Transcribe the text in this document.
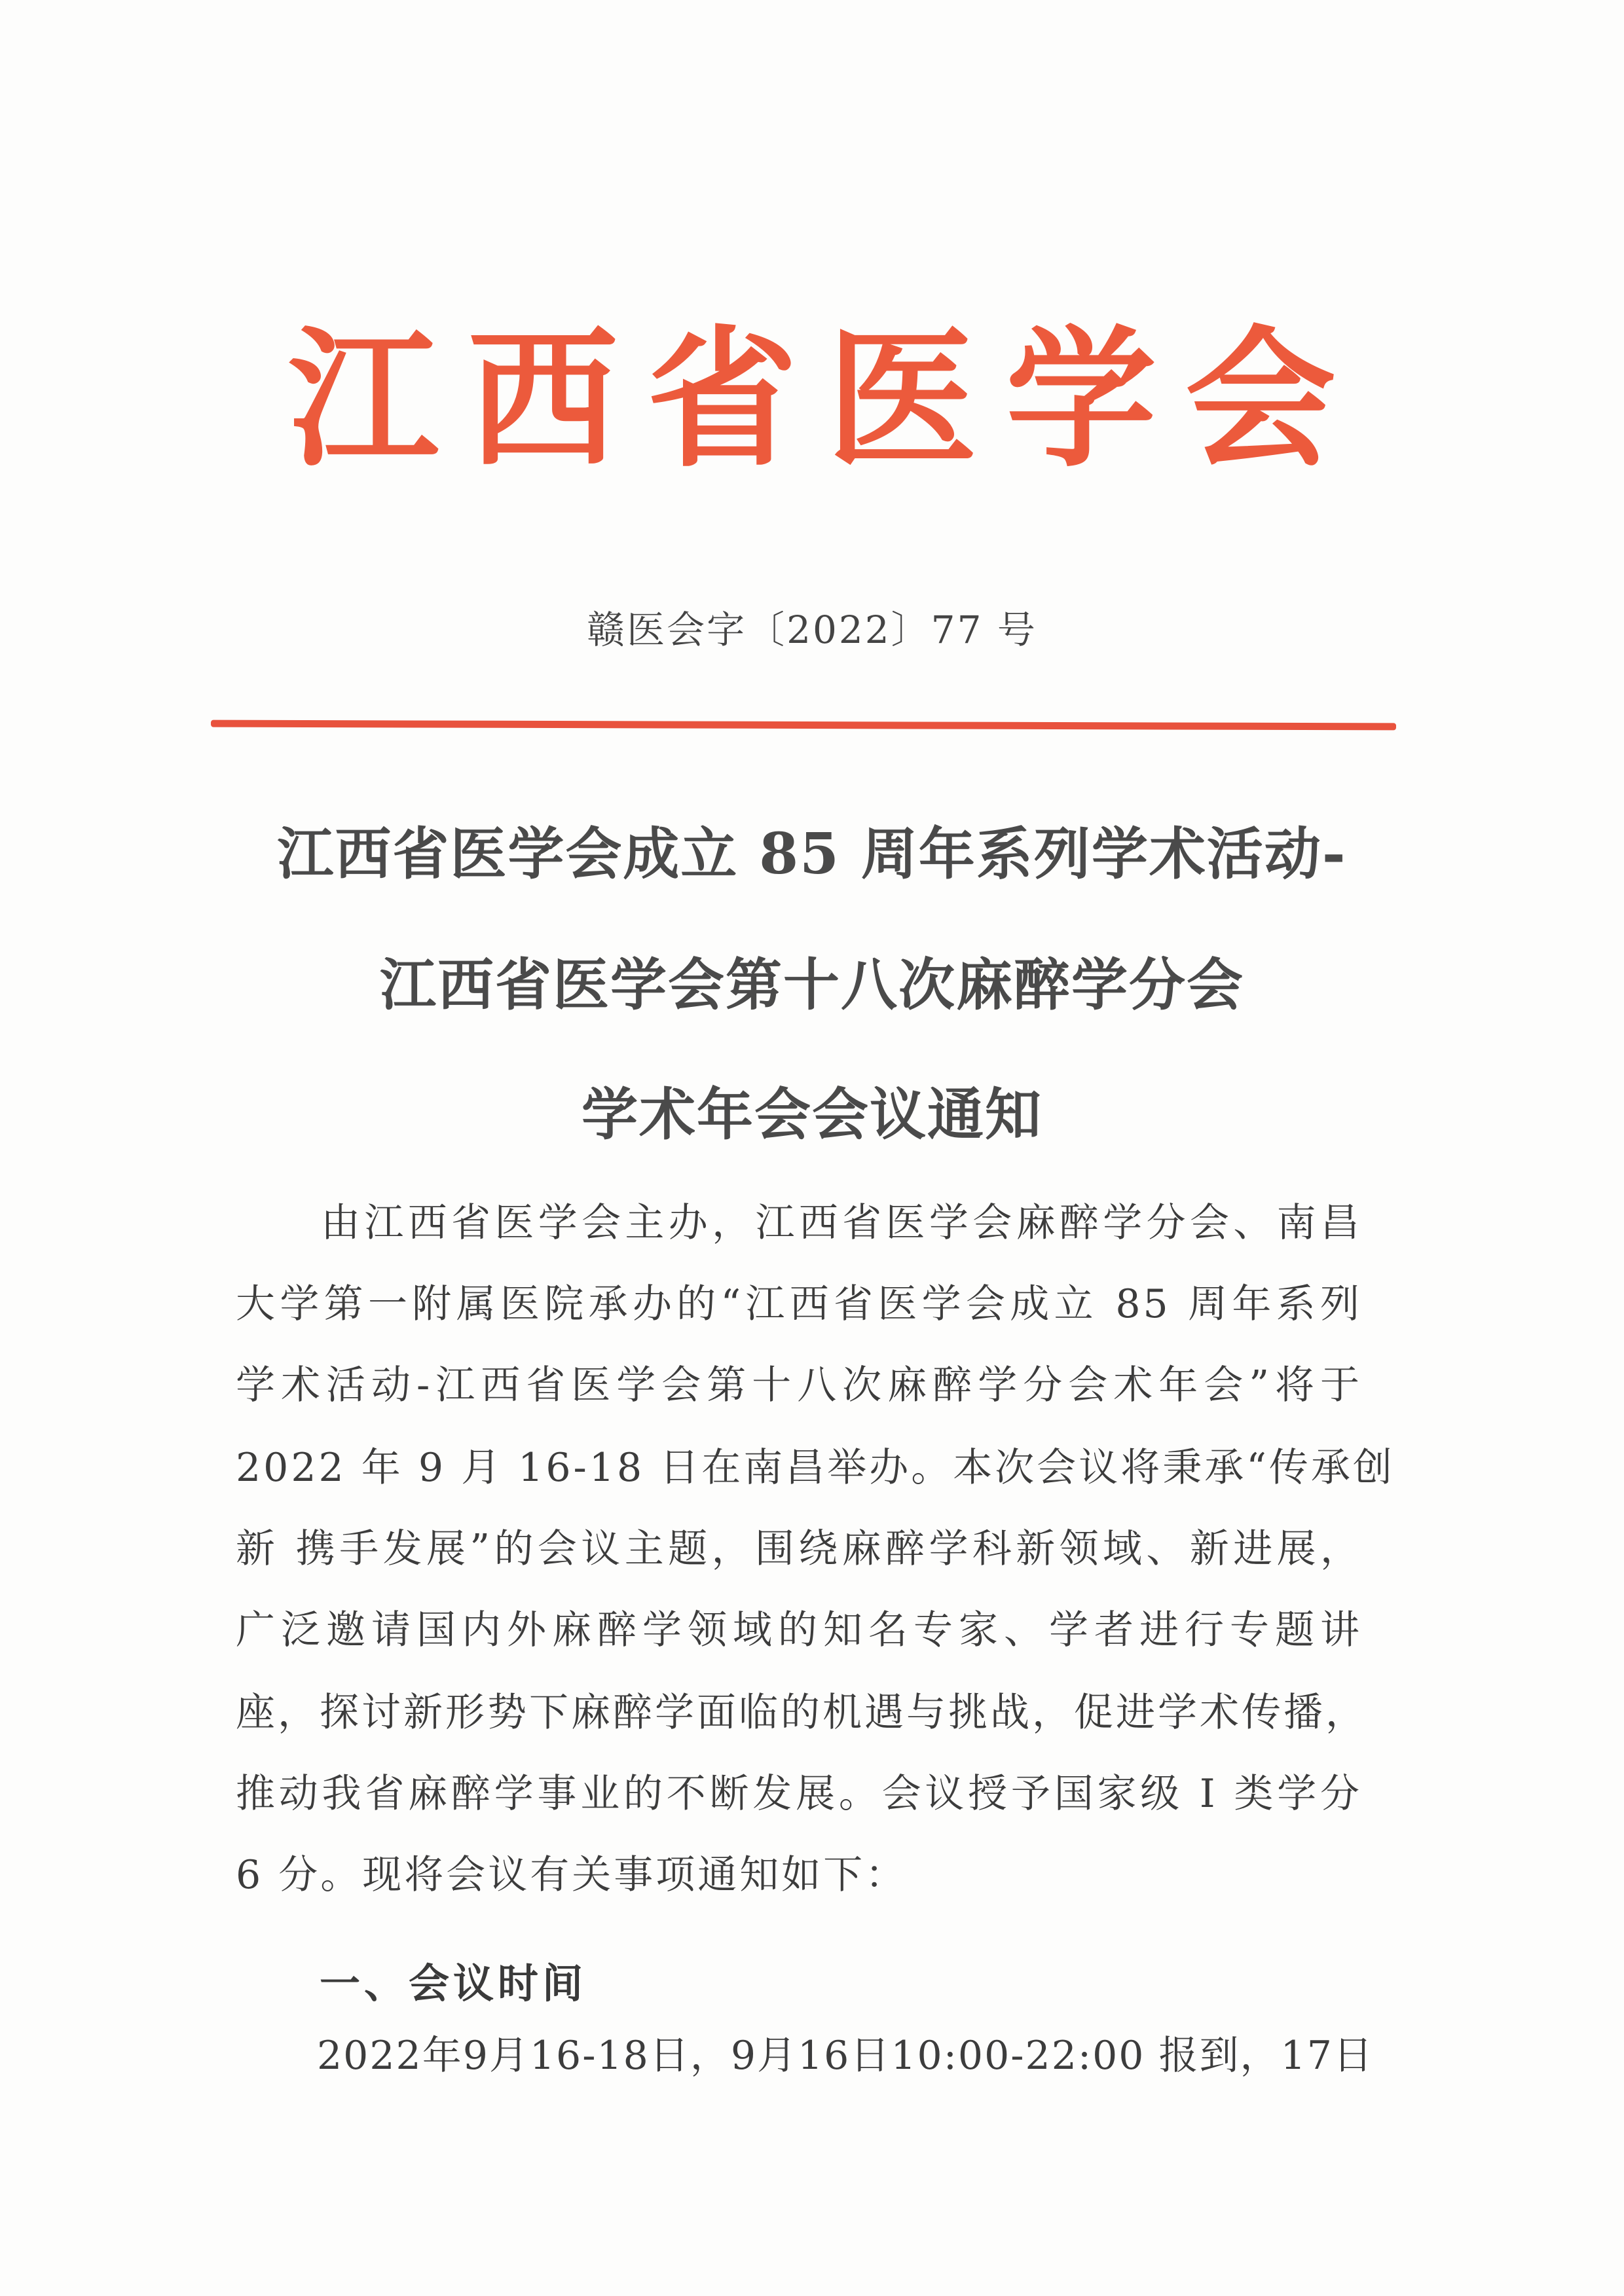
江 西 省 医 学 会
赣医会字〔2022〕77 号
江西省医学会成立 85 周年系列学术活动-
江西省医学会第十八次麻醉学分会
学术年会会议通知
由江西省医学会主办，江西省医学会麻醉学分会、南昌
大学第一附属医院承办的“江西省医学会成立 85 周年系列
学术活动-江西省医学会第十八次麻醉学分会术年会”将于
2022 年 9 月 16-18 日在南昌举办。本次会议将秉承“传承创
新 携手发展”的会议主题，围绕麻醉学科新领域、新进展，
广泛邀请国内外麻醉学领域的知名专家、学者进行专题讲
座，探讨新形势下麻醉学面临的机遇与挑战，促进学术传播，
推动我省麻醉学事业的不断发展。会议授予国家级 I 类学分
6 分。现将会议有关事项通知如下：
一、会议时间
2022年9月16-18日，9月16日10:00-22:00 报到，17日
